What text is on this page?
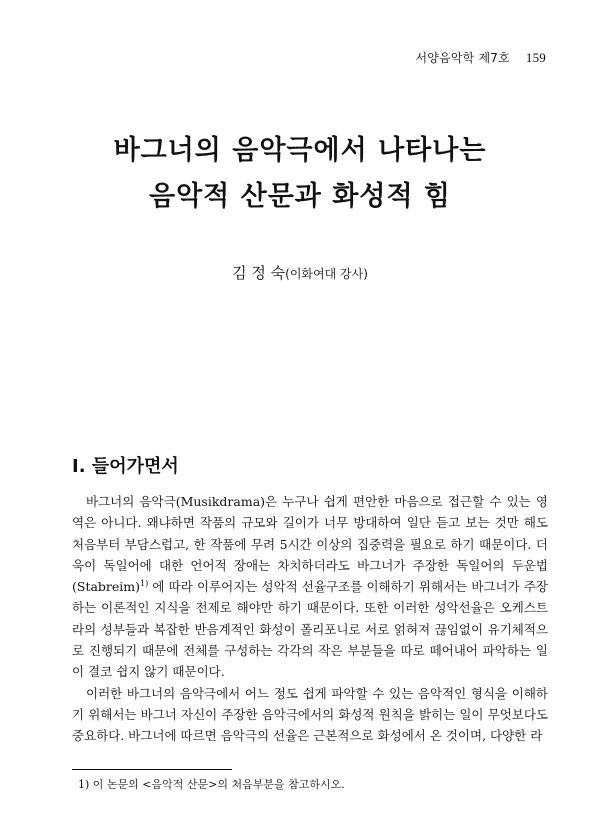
서양음악학 제7호 159
바그너의 음악극에서 나타나는
음악적 산문과 화성적 힘
김 정 숙(이화여대 강사)
I. 들어가면서

바그너의 음악극(Musikdrama)은 누구나 쉽게 편안한 마음으로 접근할 수 있는 영역은 아니다. 왜냐하면 작품의 규모와 길이가 너무 방대하여 일단 듣고 보는 것만 해도 처음부터 부담스럽고, 한 작품에 무려 5시간 이상의 집중력을 필요로 하기 때문이다. 더욱이 독일어에 대한 언어적 장애는 차치하더라도 바그너가 주장한 독일어의 두운법(Stabreim)$^{1)}$ 에 따라 이루어지는 성악적 선율구조를 이해하기 위해서는 바그너가 주장하는 이론적인 지식을 전제로 해야만 하기 때문이다. 또한 이러한 성악선율은 오케스트라의 성부들과 복잡한 반음계적인 화성이 폴리포니로 서로 얽혀져 끊임없이 유기체적으로 진행되기 때문에 전체를 구성하는 각각의 작은 부분들을 따로 떼어내어 파악하는 일이 결코 쉽지 않기 때문이다.

이러한 바그너의 음악극에서 어느 정도 쉽게 파악할 수 있는 음악적인 형식을 이해하기 위해서는 바그너 자신이 주장한 음악극에서의 화성적 원칙을 밝히는 일이 무엇보다도 중요하다. 바그너에 따르면 음악극의 선율은 근본적으로 화성에서 온 것이며, 다양한 라

1) 이 논문의 <음악적 산문>의 처음부분을 참고하시오.
